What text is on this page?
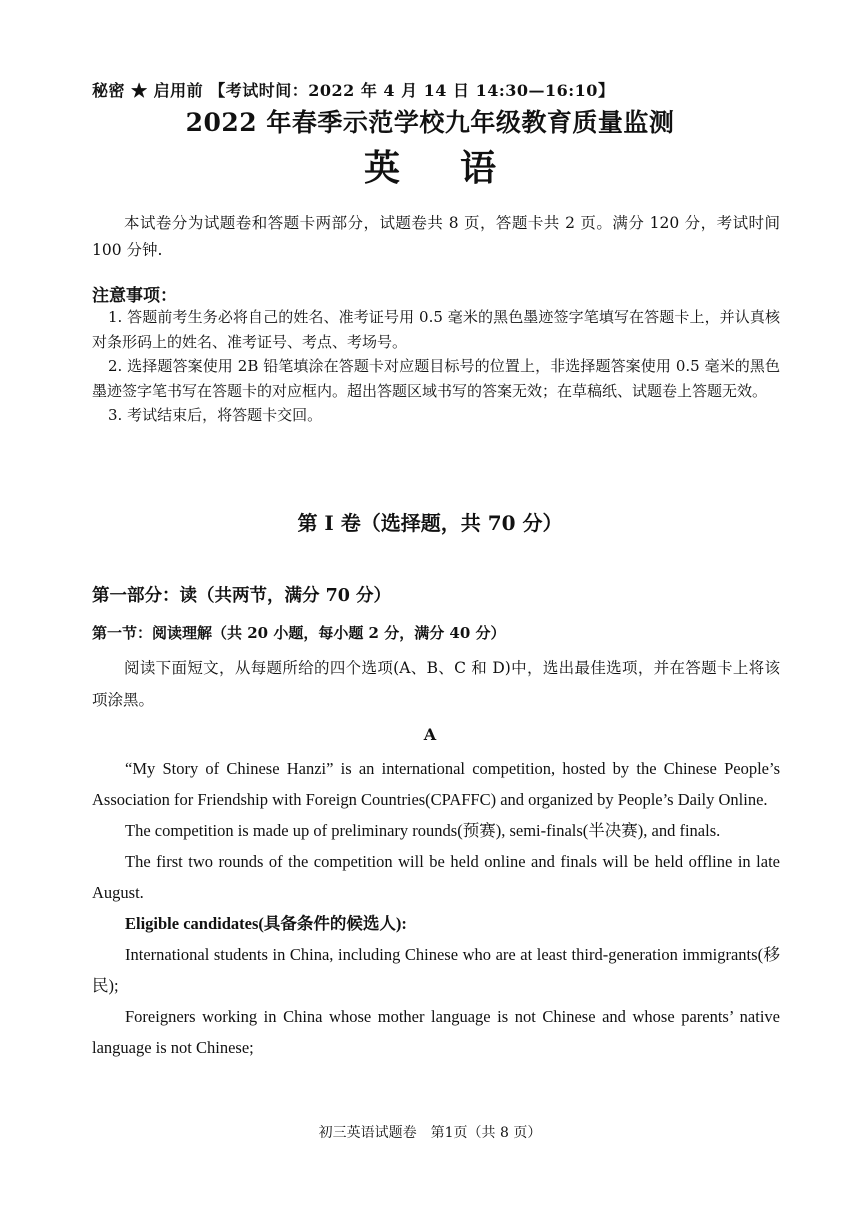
秘密 ★ 启用前 【考试时间：2022 年 4 月 14 日 14:30—16:10】
2022 年春季示范学校九年级教育质量监测
英语
本试卷分为试题卷和答题卡两部分，试题卷共 8 页，答题卡共 2 页。满分 120 分，考试时间 100 分钟.
注意事项：

1. 答题前考生务必将自己的姓名、准考证号用 0.5 毫米的黑色墨迹签字笔填写在答题卡上，并认真核对条形码上的姓名、准考证号、考点、考场号。

2. 选择题答案使用 2B 铅笔填涂在答题卡对应题目标号的位置上，非选择题答案使用 0.5 毫米的黑色墨迹签字笔书写在答题卡的对应框内。超出答题区域书写的答案无效；在草稿纸、试题卷上答题无效。

3. 考试结束后，将答题卡交回。

第 Ⅰ 卷（选择题，共 70 分）
第一部分：读（共两节，满分 70 分）
第一节：阅读理解（共 20 小题，每小题 2 分，满分 40 分）
阅读下面短文，从每题所给的四个选项(A、B、C 和 D)中，选出最佳选项，并在答题卡上将该项涂黑。
A

“My Story of Chinese Hanzi” is an international competition, hosted by the Chinese People’s Association for Friendship with Foreign Countries(CPAFFC) and organized by People’s Daily Online.

The competition is made up of preliminary rounds(预赛), semi-finals(半决赛), and finals.

The first two rounds of the competition will be held online and finals will be held offline in late August.

Eligible candidates(具备条件的候选人):

International students in China, including Chinese who are at least third-generation immigrants(移民);

Foreigners working in China whose mother language is not Chinese and whose parents’ native language is not Chinese;

初三英语试题卷　第1页（共 8 页）
